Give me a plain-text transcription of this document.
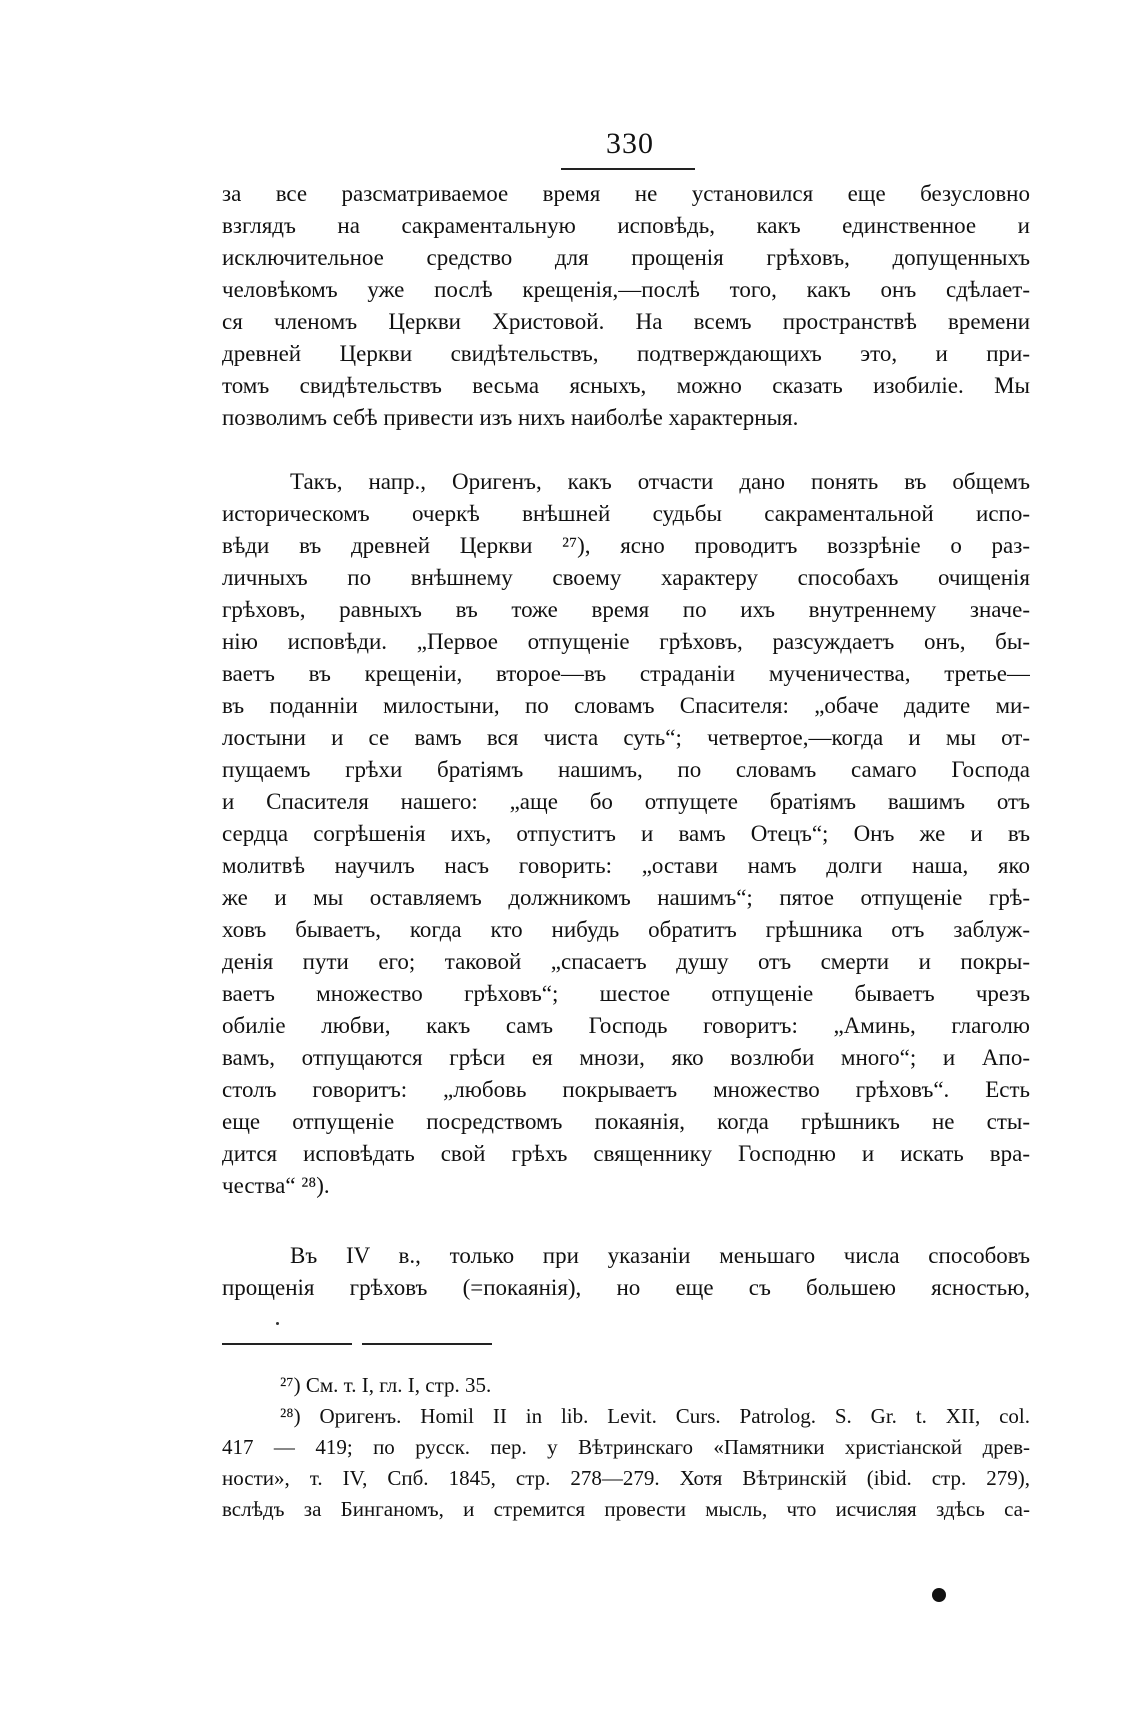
330
за все разсматриваемое время не установился еще безусловно
взглядъ на сакраментальную исповѣдь, какъ единственное и
исключительное средство для прощенія грѣховъ, допущенныхъ
человѣкомъ уже послѣ крещенія,—послѣ того, какъ онъ сдѣлает-
ся членомъ Церкви Христовой. На всемъ пространствѣ времени
древней Церкви свидѣтельствъ, подтверждающихъ это, и при-
томъ свидѣтельствъ весьма ясныхъ, можно сказать изобиліе. Мы
позволимъ себѣ привести изъ нихъ наиболѣе характерныя.
Такъ, напр., Оригенъ, какъ отчасти дано понять въ общемъ
историческомъ очеркѣ внѣшней судьбы сакраментальной испо-
вѣди въ древней Церкви ²⁷), ясно проводитъ воззрѣніе о раз-
личныхъ по внѣшнему своему характеру способахъ очищенія
грѣховъ, равныхъ въ тоже время по ихъ внутреннему значе-
нію исповѣди. „Первое отпущеніе грѣховъ, разсуждаетъ онъ, бы-
ваетъ въ крещеніи, второе—въ страданіи мученичества, третье—
въ поданніи милостыни, по словамъ Спасителя: „обаче дадите ми-
лостыни и се вамъ вся чиста суть“; четвертое,—когда и мы от-
пущаемъ грѣхи братіямъ нашимъ, по словамъ самаго Господа
и Спасителя нашего: „аще бо отпущете братіямъ вашимъ отъ
сердца согрѣшенія ихъ, отпуститъ и вамъ Отецъ“; Онъ же и въ
молитвѣ научилъ насъ говорить: „остави намъ долги наша, яко
же и мы оставляемъ должникомъ нашимъ“; пятое отпущеніе грѣ-
ховъ бываетъ, когда кто нибудь обратитъ грѣшника отъ заблуж-
денія пути его; таковой „спасаетъ душу отъ смерти и покры-
ваетъ множество грѣховъ“; шестое отпущеніе бываетъ чрезъ
обиліе любви, какъ самъ Господь говоритъ: „Аминь, глаголю
вамъ, отпущаются грѣси ея мнози, яко возлюби много“; и Апо-
столъ говоритъ: „любовь покрываетъ множество грѣховъ“. Есть
еще отпущеніе посредствомъ покаянія, когда грѣшникъ не сты-
дится исповѣдать свой грѣхъ священнику Господню и искать вра-
чества“ ²⁸).
Въ IV в., только при указаніи меньшаго числа способовъ
прощенія грѣховъ (=покаянія), но еще съ большею ясностью,
²⁷) См. т. I, гл. I, стр. 35.
²⁸) Оригенъ. Homil II in lib. Levit. Curs. Patrolog. S. Gr. t. XII, col.
417 — 419; по русск. пер. у Вѣтринскаго «Памятники христіанской древ-
ности», т. IV, Спб. 1845, стр. 278—279. Хотя Вѣтринскій (ibid. стр. 279),
вслѣдъ за Бинганомъ, и стремится провести мысль, что исчисляя здѣсь са-
